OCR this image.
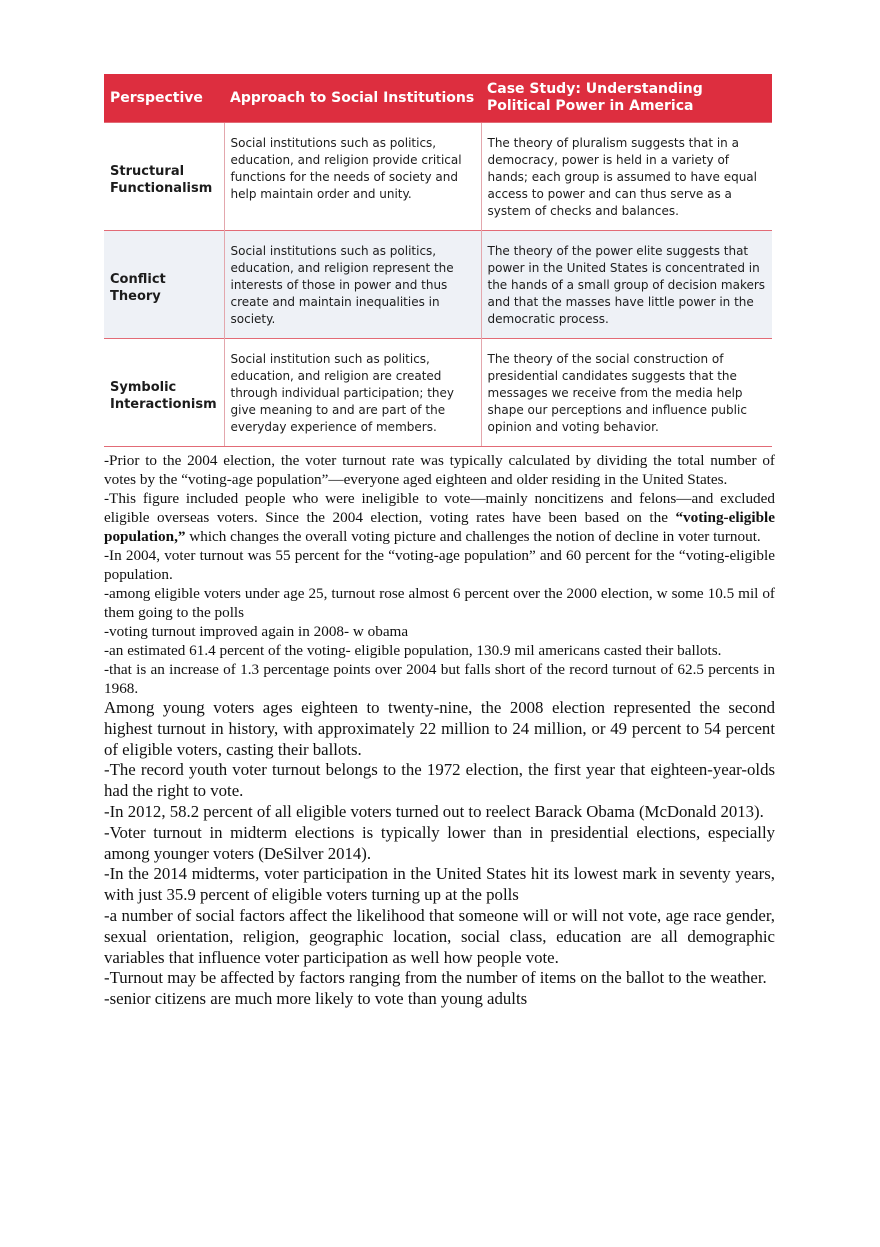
Perspective	Approach to Social Institutions	Case Study: Understanding Political Power in America
Structural Functionalism	Social institutions such as politics, education, and religion provide critical functions for the needs of society and help maintain order and unity.	The theory of pluralism suggests that in a democracy, power is held in a variety of hands; each group is assumed to have equal access to power and can thus serve as a system of checks and balances.
Conflict Theory	Social institutions such as politics, education, and religion represent the interests of those in power and thus create and maintain inequalities in society.	The theory of the power elite suggests that power in the United States is concentrated in the hands of a small group of decision makers and that the masses have little power in the democratic process.
Symbolic Interactionism	Social institution such as politics, education, and religion are created through individual participation; they give meaning to and are part of the everyday experience of members.	The theory of the social construction of presidential candidates suggests that the messages we receive from the media help shape our perceptions and influence public opinion and voting behavior.

-Prior to the 2004 election, the voter turnout rate was typically calculated by dividing the total number of votes by the “voting-age population”—everyone aged eighteen and older residing in the United States.

-This figure included people who were ineligible to vote—mainly noncitizens and felons—and excluded eligible overseas voters. Since the 2004 election, voting rates have been based on the “voting-eligible population,” which changes the overall voting picture and challenges the notion of decline in voter turnout.

-In 2004, voter turnout was 55 percent for the “voting-age population” and 60 percent for the “voting-eligible population.

-among eligible voters under age 25, turnout rose almost 6 percent over the 2000 election, w some 10.5 mil of them going to the polls

-voting turnout improved again in 2008- w obama

-an estimated 61.4 percent of the voting- eligible population, 130.9 mil americans casted their ballots.

-that is an increase of 1.3 percentage points over 2004 but falls short of the record turnout of 62.5 percents in 1968.

Among young voters ages eighteen to twenty-nine, the 2008 election represented the second highest turnout in history, with approximately 22 million to 24 million, or 49 percent to 54 percent of eligible voters, casting their ballots.

-The record youth voter turnout belongs to the 1972 election, the first year that eighteen-year-olds had the right to vote.

-In 2012, 58.2 percent of all eligible voters turned out to reelect Barack Obama (McDonald 2013).

-Voter turnout in midterm elections is typically lower than in presidential elections, especially among younger voters (DeSilver 2014).

-In the 2014 midterms, voter participation in the United States hit its lowest mark in seventy years, with just 35.9 percent of eligible voters turning up at the polls

-a number of social factors affect the likelihood that someone will or will not vote, age race gender, sexual orientation, religion, geographic location, social class, education are all demographic variables that influence voter participation as well how people vote.

-Turnout may be affected by factors ranging from the number of items on the ballot to the weather.

-senior citizens are much more likely to vote than young adults
